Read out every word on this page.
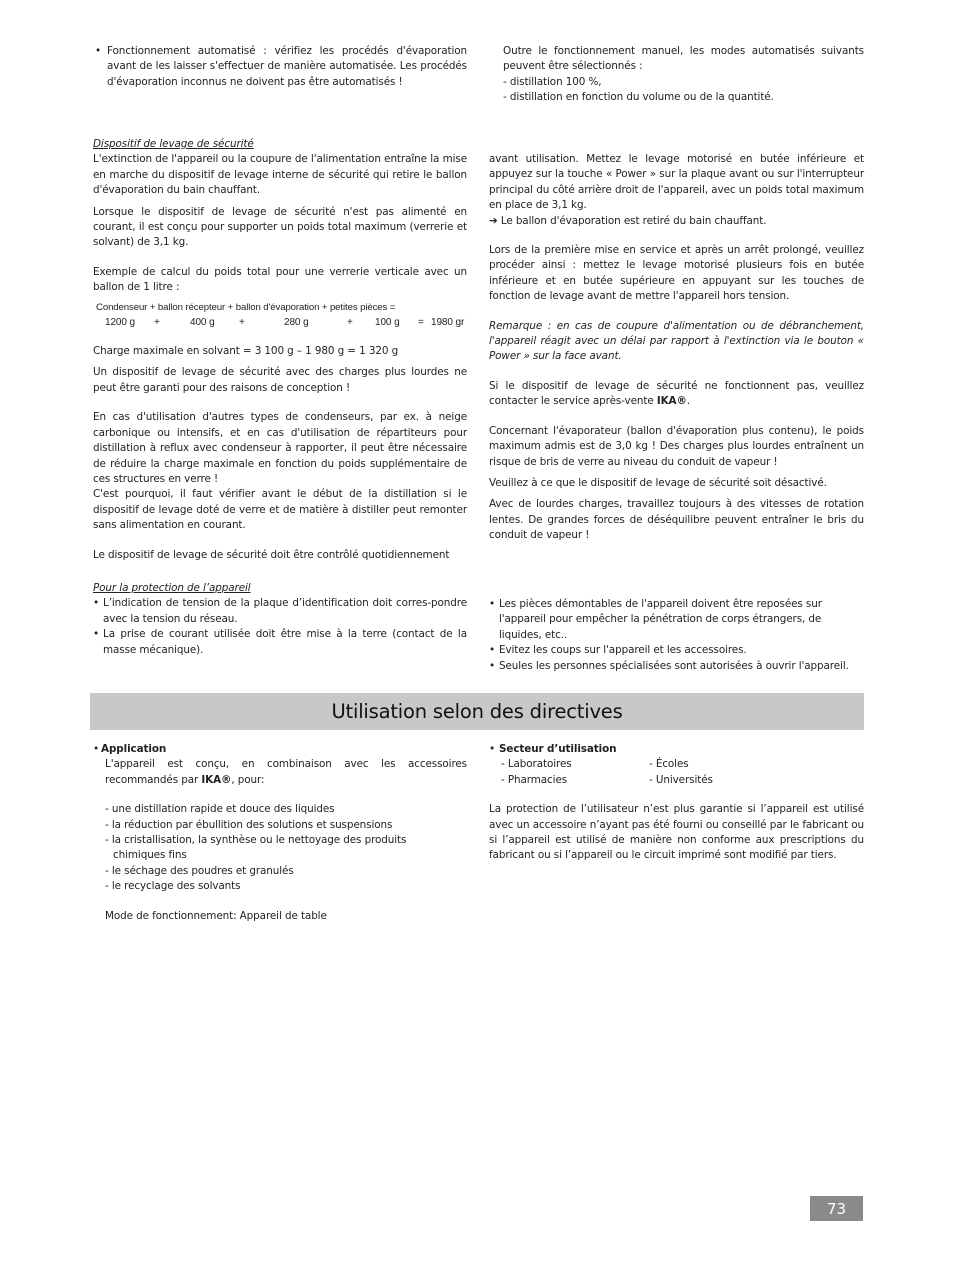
• Fonctionnement automatisé : vérifiez les procédés d'évaporation avant de les laisser s'effectuer de manière automatisée. Les procédés d'évaporation inconnus ne doivent pas être automatisés !

Outre le fonctionnement manuel, les modes automatisés suivants peuvent être sélectionnés :

- distillation 100 %,

- distillation en fonction du volume ou de la quantité.

Dispositif de levage de sécurité

L'extinction de l'appareil ou la coupure de l'alimentation entraîne la mise en marche du dispositif de levage interne de sécurité qui retire le ballon d'évaporation du bain chauffant.

Lorsque le dispositif de levage de sécurité n'est pas alimenté en courant, il est conçu pour supporter un poids total maximum (verrerie et solvant) de 3,1 kg.

Exemple de calcul du poids total pour une verrerie verticale avec un ballon de 1 litre :

Condenseur + ballon récepteur + ballon d'évaporation + petites pièces =
1200 g +	400 g +	280 g	+ 100 g = 1980 gr

Charge maximale en solvant = 3 100 g – 1 980 g = 1 320 g

Un dispositif de levage de sécurité avec des charges plus lourdes ne peut être garanti pour des raisons de conception !

En cas d'utilisation d'autres types de condenseurs, par ex. à neige carbonique ou intensifs, et en cas d'utilisation de répartiteurs pour distillation à reflux avec condenseur à rapporter, il peut être nécessaire de réduire la charge maximale en fonction du poids supplémentaire de ces structures en verre !

C'est pourquoi, il faut vérifier avant le début de la distillation si le dispositif de levage doté de verre et de matière à distiller peut remonter sans alimentation en courant.

Le dispositif de levage de sécurité doit être contrôlé quotidiennement

avant utilisation. Mettez le levage motorisé en butée inférieure et appuyez sur la touche « Power » sur la plaque avant ou sur l'interrupteur principal du côté arrière droit de l'appareil, avec un poids total maximum en place de 3,1 kg.

➔ Le ballon d'évaporation est retiré du bain chauffant.

Lors de la première mise en service et après un arrêt prolongé, veuillez procéder ainsi : mettez le levage motorisé plusieurs fois en butée inférieure et en butée supérieure en appuyant sur les touches de fonction de levage avant de mettre l'appareil hors tension.

Remarque : en cas de coupure d'alimentation ou de débranchement, l'appareil réagit avec un délai par rapport à l'extinction via le bouton « Power » sur la face avant.

Si le dispositif de levage de sécurité ne fonctionnent pas, veuillez contacter le service après-vente IKA®.

Concernant l'évaporateur (ballon d'évaporation plus contenu), le poids maximum admis est de 3,0 kg ! Des charges plus lourdes entraînent un risque de bris de verre au niveau du conduit de vapeur !

Veuillez à ce que le dispositif de levage de sécurité soit désactivé.

Avec de lourdes charges, travaillez toujours à des vitesses de rotation lentes. De grandes forces de déséquilibre peuvent entraîner le bris du conduit de vapeur !

Pour la protection de l’appareil

• L’indication de tension de la plaque d’identification doit corres-pondre avec la tension du réseau.

• La prise de courant utilisée doit être mise à la terre (contact de la masse mécanique).

• Les pièces démontables de l'appareil doivent être reposées sur l'appareil pour empêcher la pénétration de corps étrangers, de liquides, etc..

• Evitez les coups sur l'appareil et les accessoires.

• Seules les personnes spécialisées sont autorisées à ouvrir l'appareil.

Utilisation selon des directives
• Application

L'appareil est conçu, en combinaison avec les accessoires recommandés par IKA®, pour:

- une distillation rapide et douce des liquides

- la réduction par ébullition des solutions et suspensions

- la cristallisation, la synthèse ou le nettoyage des produits chimiques fins

- le séchage des poudres et granulés

- le recyclage des solvants

Mode de fonctionnement: Appareil de table

• Secteur d’utilisation

- Laboratoires	- Écoles
- Pharmacies	- Universités

La protection de l’utilisateur n’est plus garantie si l’appareil est utilisé avec un accessoire n’ayant pas été fourni ou conseillé par le fabricant ou si l’appareil est utilisé de manière non conforme aux prescriptions du fabricant ou si l’appareil ou le circuit imprimé sont modifié par tiers.

73
